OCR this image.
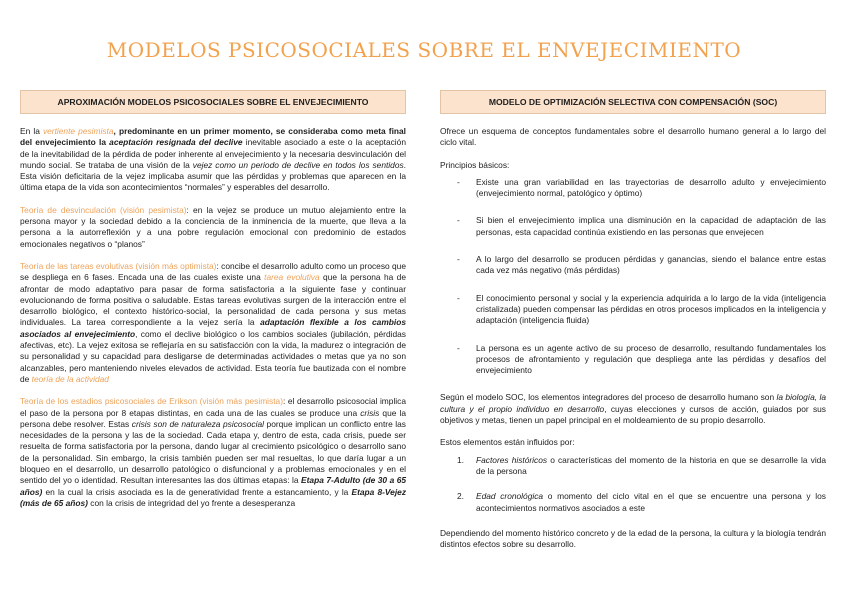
MODELOS PSICOSOCIALES SOBRE EL ENVEJECIMIENTO
APROXIMACIÓN MODELOS PSICOSOCIALES SOBRE EL ENVEJECIMIENTO

En la vertiente pesimista, predominante en un primer momento, se consideraba como meta final del envejecimiento la aceptación resignada del declive inevitable asociado a este o la aceptación de la inevitabilidad de la pérdida de poder inherente al envejecimiento y la necesaria desvinculación del mundo social. Se trataba de una visión de la vejez como un periodo de declive en todos los sentidos. Esta visión deficitaria de la vejez implicaba asumir que las pérdidas y problemas que aparecen en la última etapa de la vida son acontecimientos “normales” y esperables del desarrollo.

Teoría de desvinculación (visión pesimista): en la vejez se produce un mutuo alejamiento entre la persona mayor y la sociedad debido a la conciencia de la inminencia de la muerte, que lleva a la persona a la autorreflexión y a una pobre regulación emocional con predominio de estados emocionales negativos o “planos”

Teoría de las tareas evolutivas (visión más optimista): concibe el desarrollo adulto como un proceso que se despliega en 6 fases. Encada una de las cuales existe una tarea evolutiva que la persona ha de afrontar de modo adaptativo para pasar de forma satisfactoria a la siguiente fase y continuar evolucionando de forma positiva o saludable. Estas tareas evolutivas surgen de la interacción entre el desarrollo biológico, el contexto histórico-social, la personalidad de cada persona y sus metas individuales. La tarea correspondiente a la vejez sería la adaptación flexible a los cambios asociados al envejecimiento, como el declive biológico o los cambios sociales (jubilación, pérdidas afectivas, etc). La vejez exitosa se reflejaría en su satisfacción con la vida, la madurez o integración de su personalidad y su capacidad para desligarse de determinadas actividades o metas que ya no son alcanzables, pero manteniendo niveles elevados de actividad. Esta teoría fue bautizada con el nombre de teoría de la actividad

Teoría de los estadios psicosociales de Erikson (visión más pesimista): el desarrollo psicosocial implica el paso de la persona por 8 etapas distintas, en cada una de las cuales se produce una crisis que la persona debe resolver. Estas crisis son de naturaleza psicosocial porque implican un conflicto entre las necesidades de la persona y las de la sociedad. Cada etapa y, dentro de esta, cada crisis, puede ser resuelta de forma satisfactoria por la persona, dando lugar al crecimiento psicológico o desarrollo sano de la personalidad. Sin embargo, la crisis también pueden ser mal resueltas, lo que daría lugar a un bloqueo en el desarrollo, un desarrollo patológico o disfuncional y a problemas emocionales y en el sentido del yo o identidad. Resultan interesantes las dos últimas etapas: la Etapa 7-Adulto (de 30 a 65 años) en la cual la crisis asociada es la de generatividad frente a estancamiento, y la Etapa 8-Vejez (más de 65 años) con la crisis de integridad del yo frente a desesperanza

MODELO DE OPTIMIZACIÓN SELECTIVA CON COMPENSACIÓN (SOC)

Ofrece un esquema de conceptos fundamentales sobre el desarrollo humano general a lo largo del ciclo vital.

Principios básicos:

- Existe una gran variabilidad en las trayectorias de desarrollo adulto y envejecimiento (envejecimiento normal, patológico y óptimo)
- Si bien el envejecimiento implica una disminución en la capacidad de adaptación de las personas, esta capacidad continúa existiendo en las personas que envejecen
- A lo largo del desarrollo se producen pérdidas y ganancias, siendo el balance entre estas cada vez más negativo (más pérdidas)
- El conocimiento personal y social y la experiencia adquirida a lo largo de la vida (inteligencia cristalizada) pueden compensar las pérdidas en otros procesos implicados en la inteligencia y adaptación (inteligencia fluida)
- La persona es un agente activo de su proceso de desarrollo, resultando fundamentales los procesos de afrontamiento y regulación que despliega ante las pérdidas y desafíos del envejecimiento

Según el modelo SOC, los elementos integradores del proceso de desarrollo humano son la biología, la cultura y el propio individuo en desarrollo, cuyas elecciones y cursos de acción, guiados por sus objetivos y metas, tienen un papel principal en el moldeamiento de su propio desarrollo.

Estos elementos están influidos por:

1. Factores históricos o características del momento de la historia en que se desarrolle la vida de la persona
2. Edad cronológica o momento del ciclo vital en el que se encuentre una persona y los acontecimientos normativos asociados a este

Dependiendo del momento histórico concreto y de la edad de la persona, la cultura y la biología tendrán distintos efectos sobre su desarrollo.
